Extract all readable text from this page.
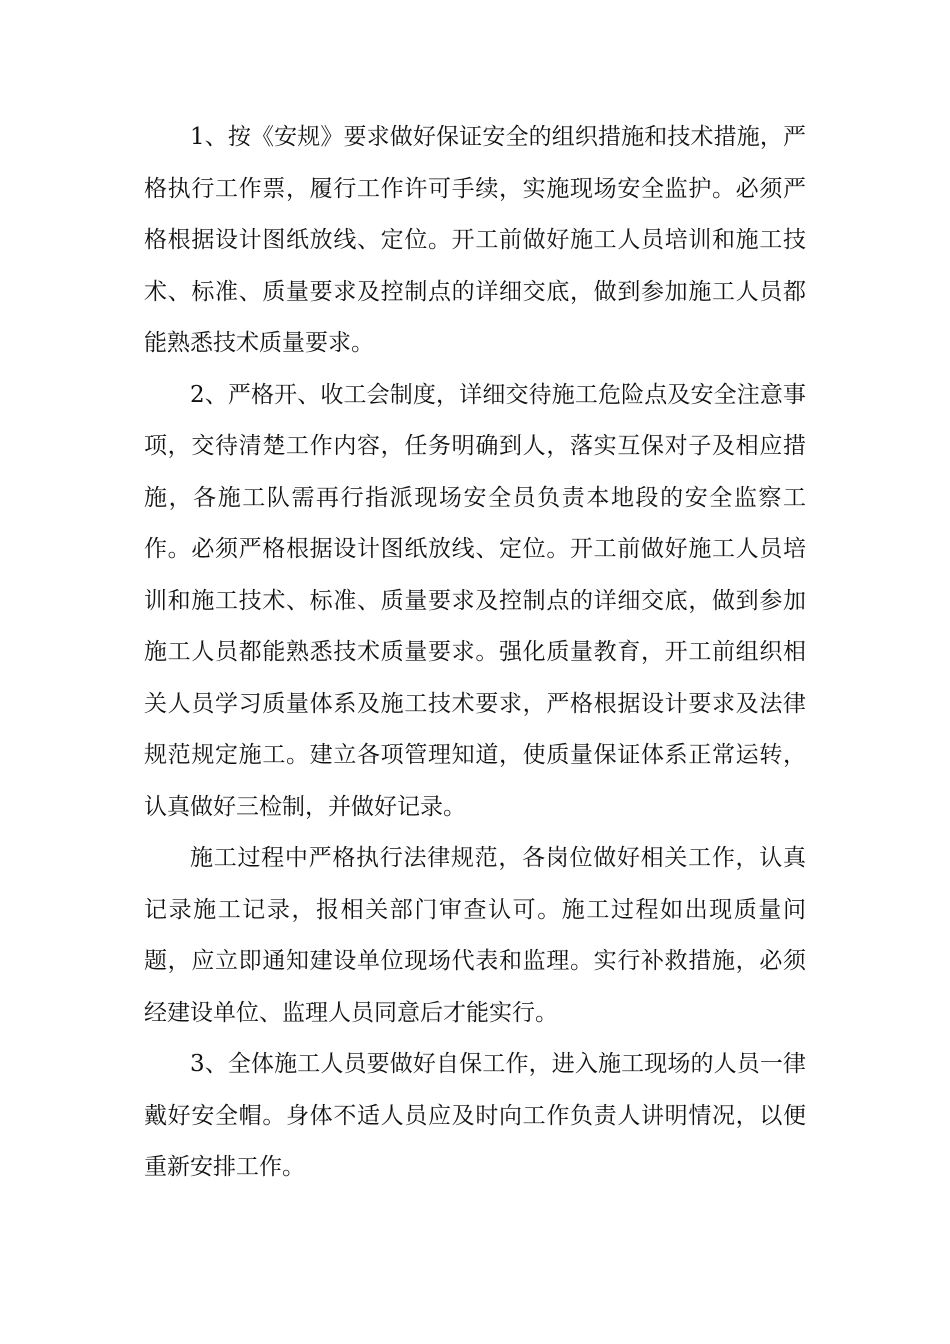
1、按《安规》要求做好保证安全的组织措施和技术措施，严格执行工作票，履行工作许可手续，实施现场安全监护。必须严格根据设计图纸放线、定位。开工前做好施工人员培训和施工技术、标准、质量要求及控制点的详细交底，做到参加施工人员都能熟悉技术质量要求。

2、严格开、收工会制度，详细交待施工危险点及安全注意事项，交待清楚工作内容，任务明确到人，落实互保对子及相应措施，各施工队需再行指派现场安全员负责本地段的安全监察工作。必须严格根据设计图纸放线、定位。开工前做好施工人员培训和施工技术、标准、质量要求及控制点的详细交底，做到参加施工人员都能熟悉技术质量要求。强化质量教育，开工前组织相关人员学习质量体系及施工技术要求，严格根据设计要求及法律规范规定施工。建立各项管理知道，使质量保证体系正常运转，认真做好三检制，并做好记录。

施工过程中严格执行法律规范，各岗位做好相关工作，认真记录施工记录，报相关部门审查认可。施工过程如出现质量问题，应立即通知建设单位现场代表和监理。实行补救措施，必须经建设单位、监理人员同意后才能实行。

3、全体施工人员要做好自保工作，进入施工现场的人员一律戴好安全帽。身体不适人员应及时向工作负责人讲明情况，以便重新安排工作。
